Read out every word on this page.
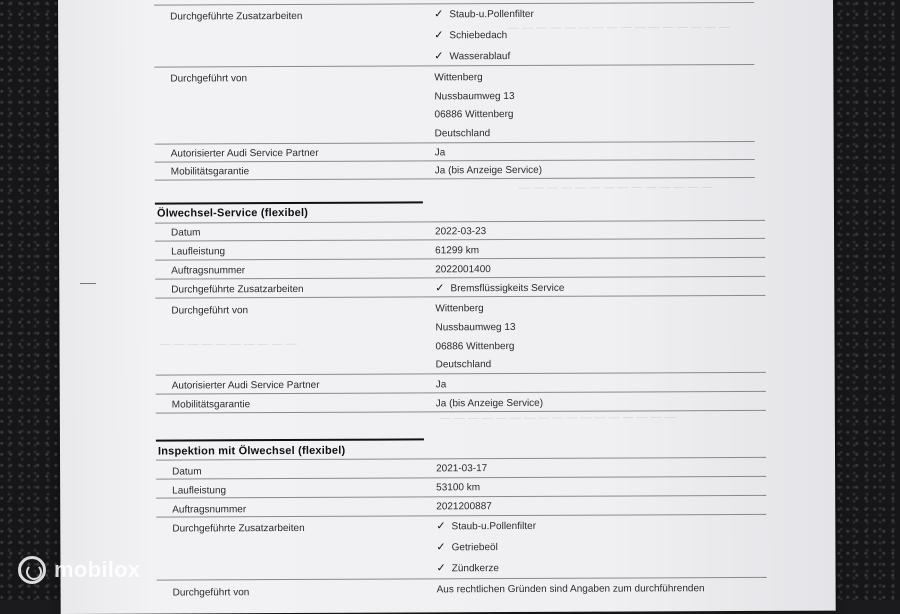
— — — — — — — — — — — — — — — —
— — — — — — — — — — — — — —
— — — — — — — — — —
— — — — — — — — — — — — — — — — —
Durchgeführte Zusatzarbeiten	✓ Staub-u.Pollenfilter
✓ Schiebedach
✓ Wasserablauf
Durchgeführt von	Wittenberg
Nussbaumweg 13
06886 Wittenberg
Deutschland
Autorisierter Audi Service Partner	Ja
Mobilitätsgarantie	Ja (bis Anzeige Service)
Ölwechsel-Service (flexibel)
Datum	2022-03-23
Laufleistung	61299 km
Auftragsnummer	2022001400
Durchgeführte Zusatzarbeiten	✓ Bremsflüssigkeits Service
Durchgeführt von	Wittenberg
Nussbaumweg 13
06886 Wittenberg
Deutschland
Autorisierter Audi Service Partner	Ja
Mobilitätsgarantie	Ja (bis Anzeige Service)
Inspektion mit Ölwechsel (flexibel)
Datum	2021-03-17
Laufleistung	53100 km
Auftragsnummer	2021200887
Durchgeführte Zusatzarbeiten	✓ Staub-u.Pollenfilter
✓ Getriebeöl
✓ Zündkerze
Durchgeführt von	Aus rechtlichen Gründen sind Angaben zum durchführenden
mobilox
